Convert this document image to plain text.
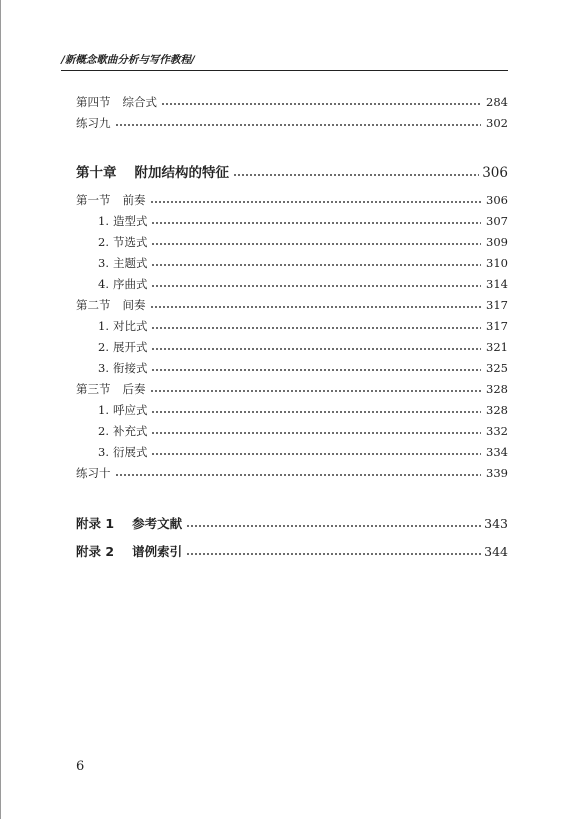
/新概念歌曲分析与写作教程/
第四节 综合式	284
练习九	302
第十章 附加结构的特征	306
第一节 前奏	306
1. 造型式	307
2. 节选式	309
3. 主题式	310
4. 序曲式	314
第二节 间奏	317
1. 对比式	317
2. 展开式	321
3. 衔接式	325
第三节 后奏	328
1. 呼应式	328
2. 补充式	332
3. 衍展式	334
练习十	339
附录 1 参考文献	343
附录 2 谱例索引	344
6
